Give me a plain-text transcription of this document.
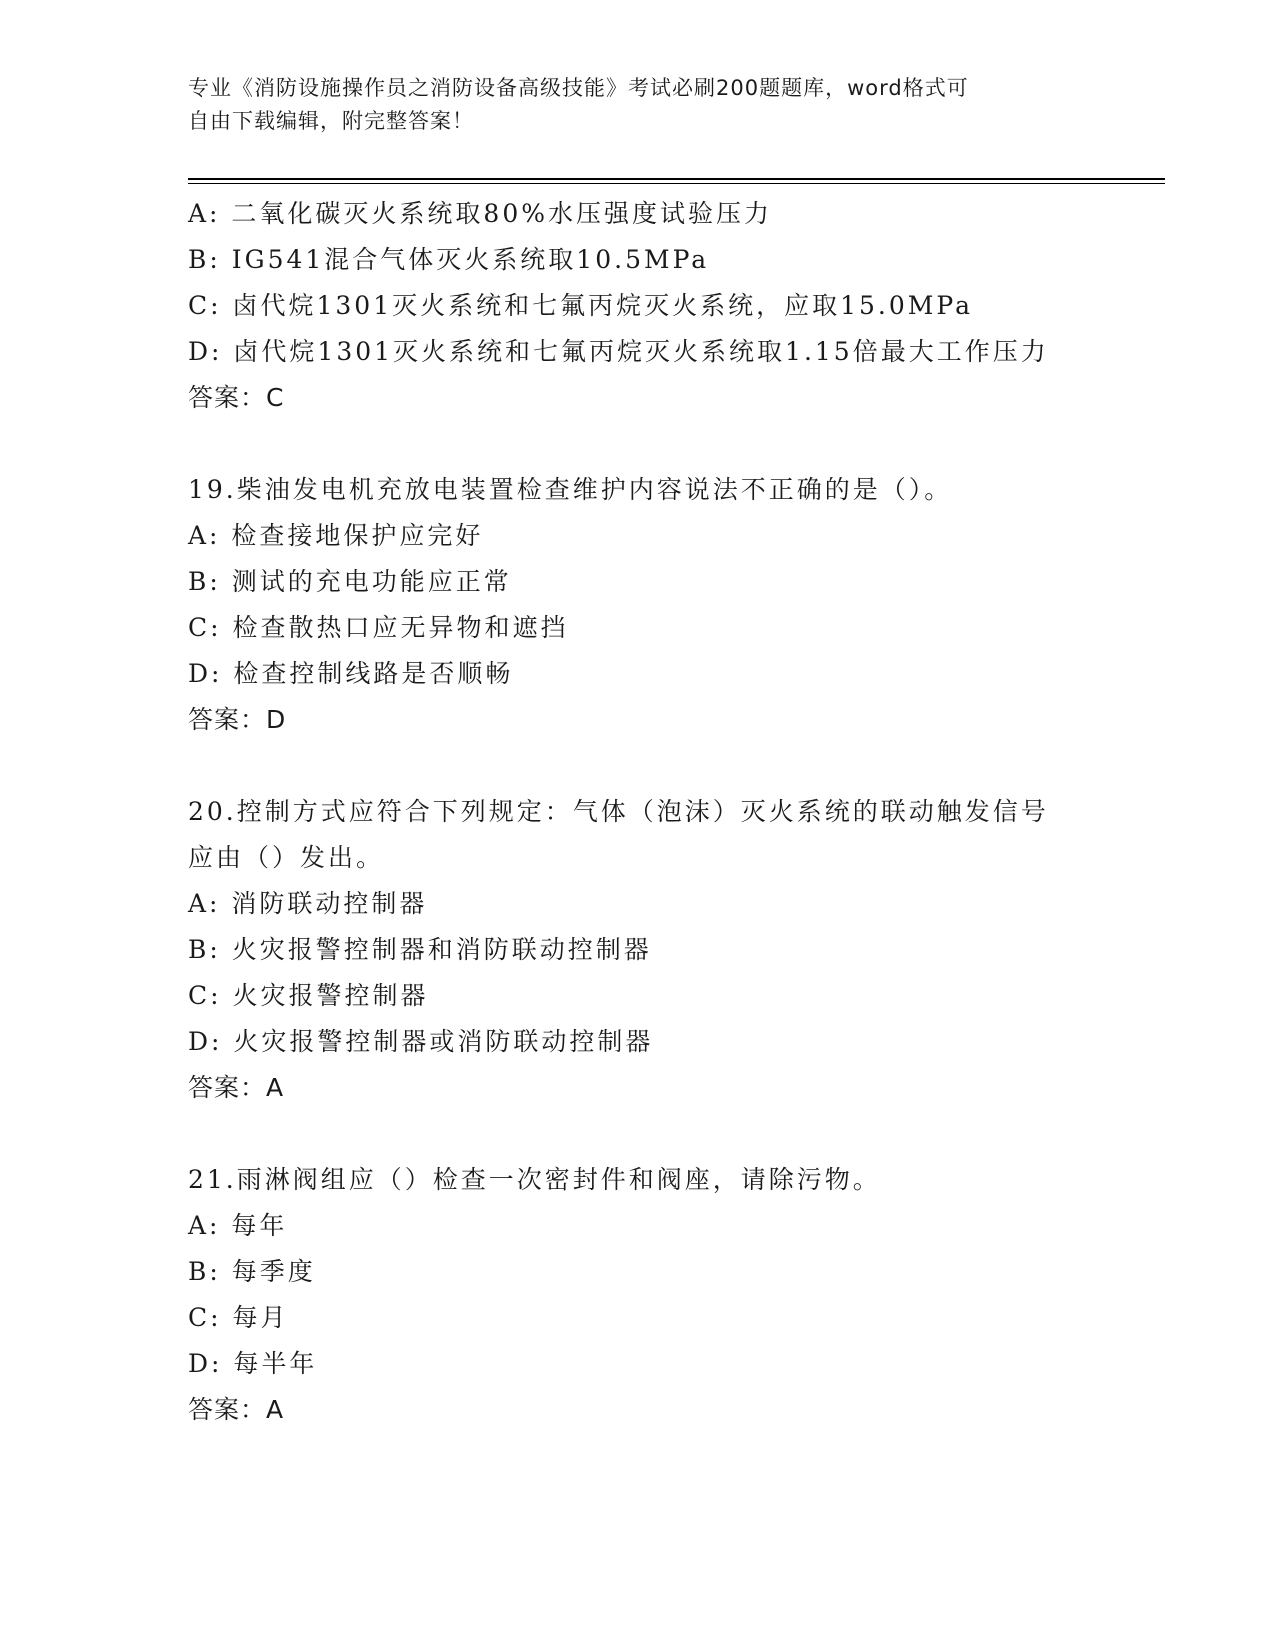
专业《消防设施操作员之消防设备高级技能》考试必刷200题题库，word格式可
自由下载编辑，附完整答案！
A: 二氧化碳灭火系统取80%水压强度试验压力
B: IG541混合气体灭火系统取10.5MPa
C: 卤代烷1301灭火系统和七氟丙烷灭火系统，应取15.0MPa
D: 卤代烷1301灭火系统和七氟丙烷灭火系统取1.15倍最大工作压力
答案：C
19.柴油发电机充放电装置检查维护内容说法不正确的是（）。
A: 检查接地保护应完好
B: 测试的充电功能应正常
C: 检查散热口应无异物和遮挡
D: 检查控制线路是否顺畅
答案：D
20.控制方式应符合下列规定：气体（泡沫）灭火系统的联动触发信号
应由（）发出。
A: 消防联动控制器
B: 火灾报警控制器和消防联动控制器
C: 火灾报警控制器
D: 火灾报警控制器或消防联动控制器
答案：A
21.雨淋阀组应（）检查一次密封件和阀座，请除污物。
A: 每年
B: 每季度
C: 每月
D: 每半年
答案：A
